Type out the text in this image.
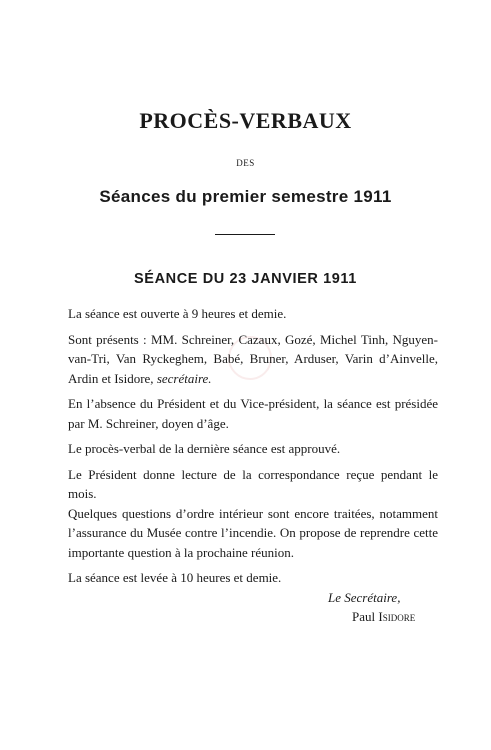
PROCÈS-VERBAUX
DES
Séances du premier semestre 1911
SÉANCE DU 23 JANVIER 1911

La séance est ouverte à 9 heures et demie.

Sont présents : MM. Schreiner, Cazaux, Gozé, Michel Tinh, Nguyen-van-Tri, Van Ryckeghem, Babé, Bruner, Arduser, Varin d’Ainvelle, Ardin et Isidore, secrétaire.

En l’absence du Président et du Vice-président, la séance est présidée par M. Schreiner, doyen d’âge.

Le procès-verbal de la dernière séance est approuvé.

Le Président donne lecture de la correspondance reçue pendant le mois.

Quelques questions d’ordre intérieur sont encore traitées, notamment l’assurance du Musée contre l’incendie. On propose de reprendre cette importante question à la prochaine réunion.

La séance est levée à 10 heures et demie.

Le Secrétaire,
Paul Isidore
